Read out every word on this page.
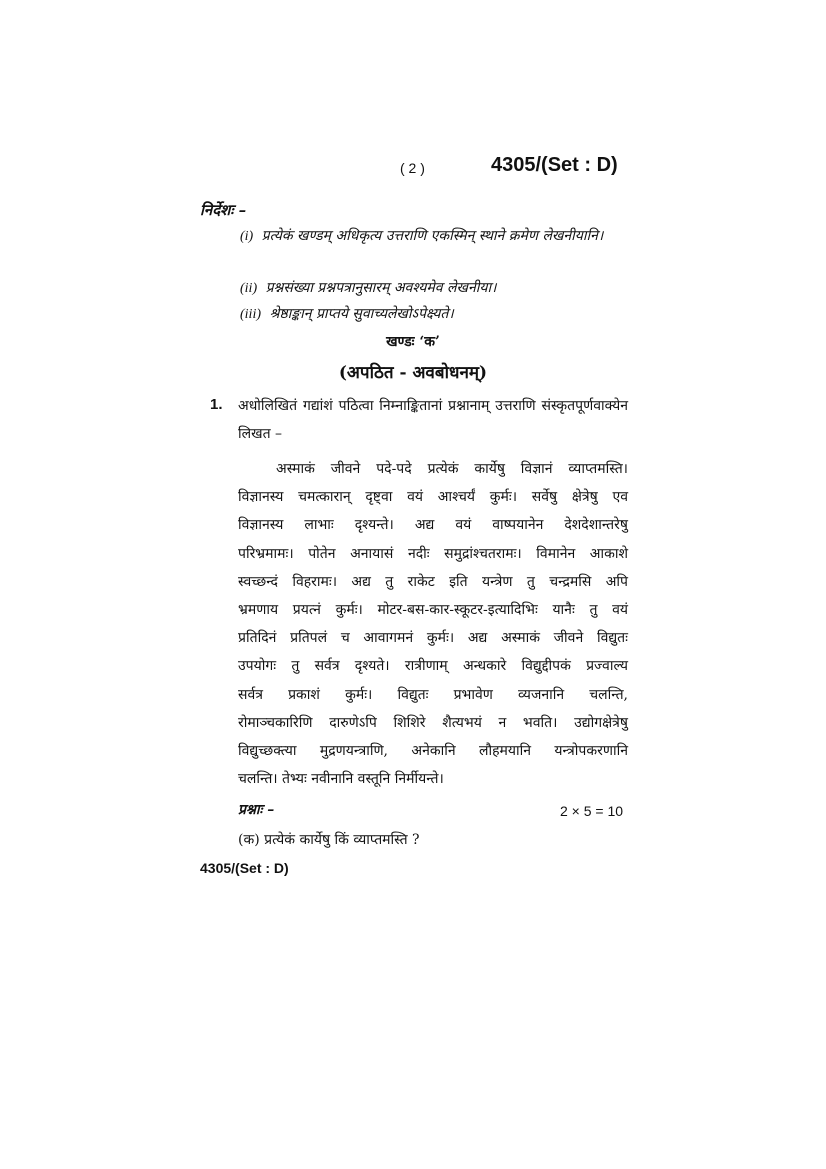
( 2 )	4305/(Set : D)
निर्देशः –
(i) प्रत्येकं खण्डम् अधिकृत्य उत्तराणि एकस्मिन् स्थाने क्रमेण लेखनीयानि।
(ii) प्रश्नसंख्या प्रश्नपत्रानुसारम् अवश्यमेव लेखनीया।
(iii) श्रेष्ठाङ्कान् प्राप्तये सुवाच्यलेखोऽपेक्ष्यते।
खण्डः ‘क’
(अपठित - अवबोधनम्)
1. अधोलिखितं गद्यांशं पठित्वा निम्नाङ्कितानां प्रश्नानाम् उत्तराणि संस्कृतपूर्णवाक्येन लिखत –
अस्माकं जीवने पदे-पदे प्रत्येकं कार्येषु विज्ञानं व्याप्तमस्ति।
विज्ञानस्य चमत्कारान् दृष्ट्वा वयं आश्चर्यं कुर्मः। सर्वेषु क्षेत्रेषु एव
विज्ञानस्य लाभाः दृश्यन्ते। अद्य वयं वाष्पयानेन देशदेशान्तरेषु
परिभ्रमामः। पोतेन अनायासं नदीः समुद्रांश्चतरामः। विमानेन आकाशे
स्वच्छन्दं विहरामः। अद्य तु राकेट इति यन्त्रेण तु चन्द्रमसि अपि
भ्रमणाय प्रयत्नं कुर्मः। मोटर-बस-कार-स्कूटर-इत्यादिभिः यानैः तु वयं
प्रतिदिनं प्रतिपलं च आवागमनं कुर्मः। अद्य अस्माकं जीवने विद्युतः
उपयोगः तु सर्वत्र दृश्यते। रात्रीणाम् अन्धकारे विद्युद्दीपकं प्रज्वाल्य
सर्वत्र प्रकाशं कुर्मः। विद्युतः प्रभावेण व्यजनानि चलन्ति,
रोमाञ्चकारिणि दारुणेऽपि शिशिरे शैत्यभयं न भवति। उद्योगक्षेत्रेषु
विद्युच्छक्त्या मुद्रणयन्त्राणि, अनेकानि लौहमयानि यन्त्रोपकरणानि
चलन्ति। तेभ्यः नवीनानि वस्तूनि निर्मीयन्ते।
प्रश्नाः –	2 × 5 = 10
(क) प्रत्येकं कार्येषु किं व्याप्तमस्ति ?
4305/(Set : D)
